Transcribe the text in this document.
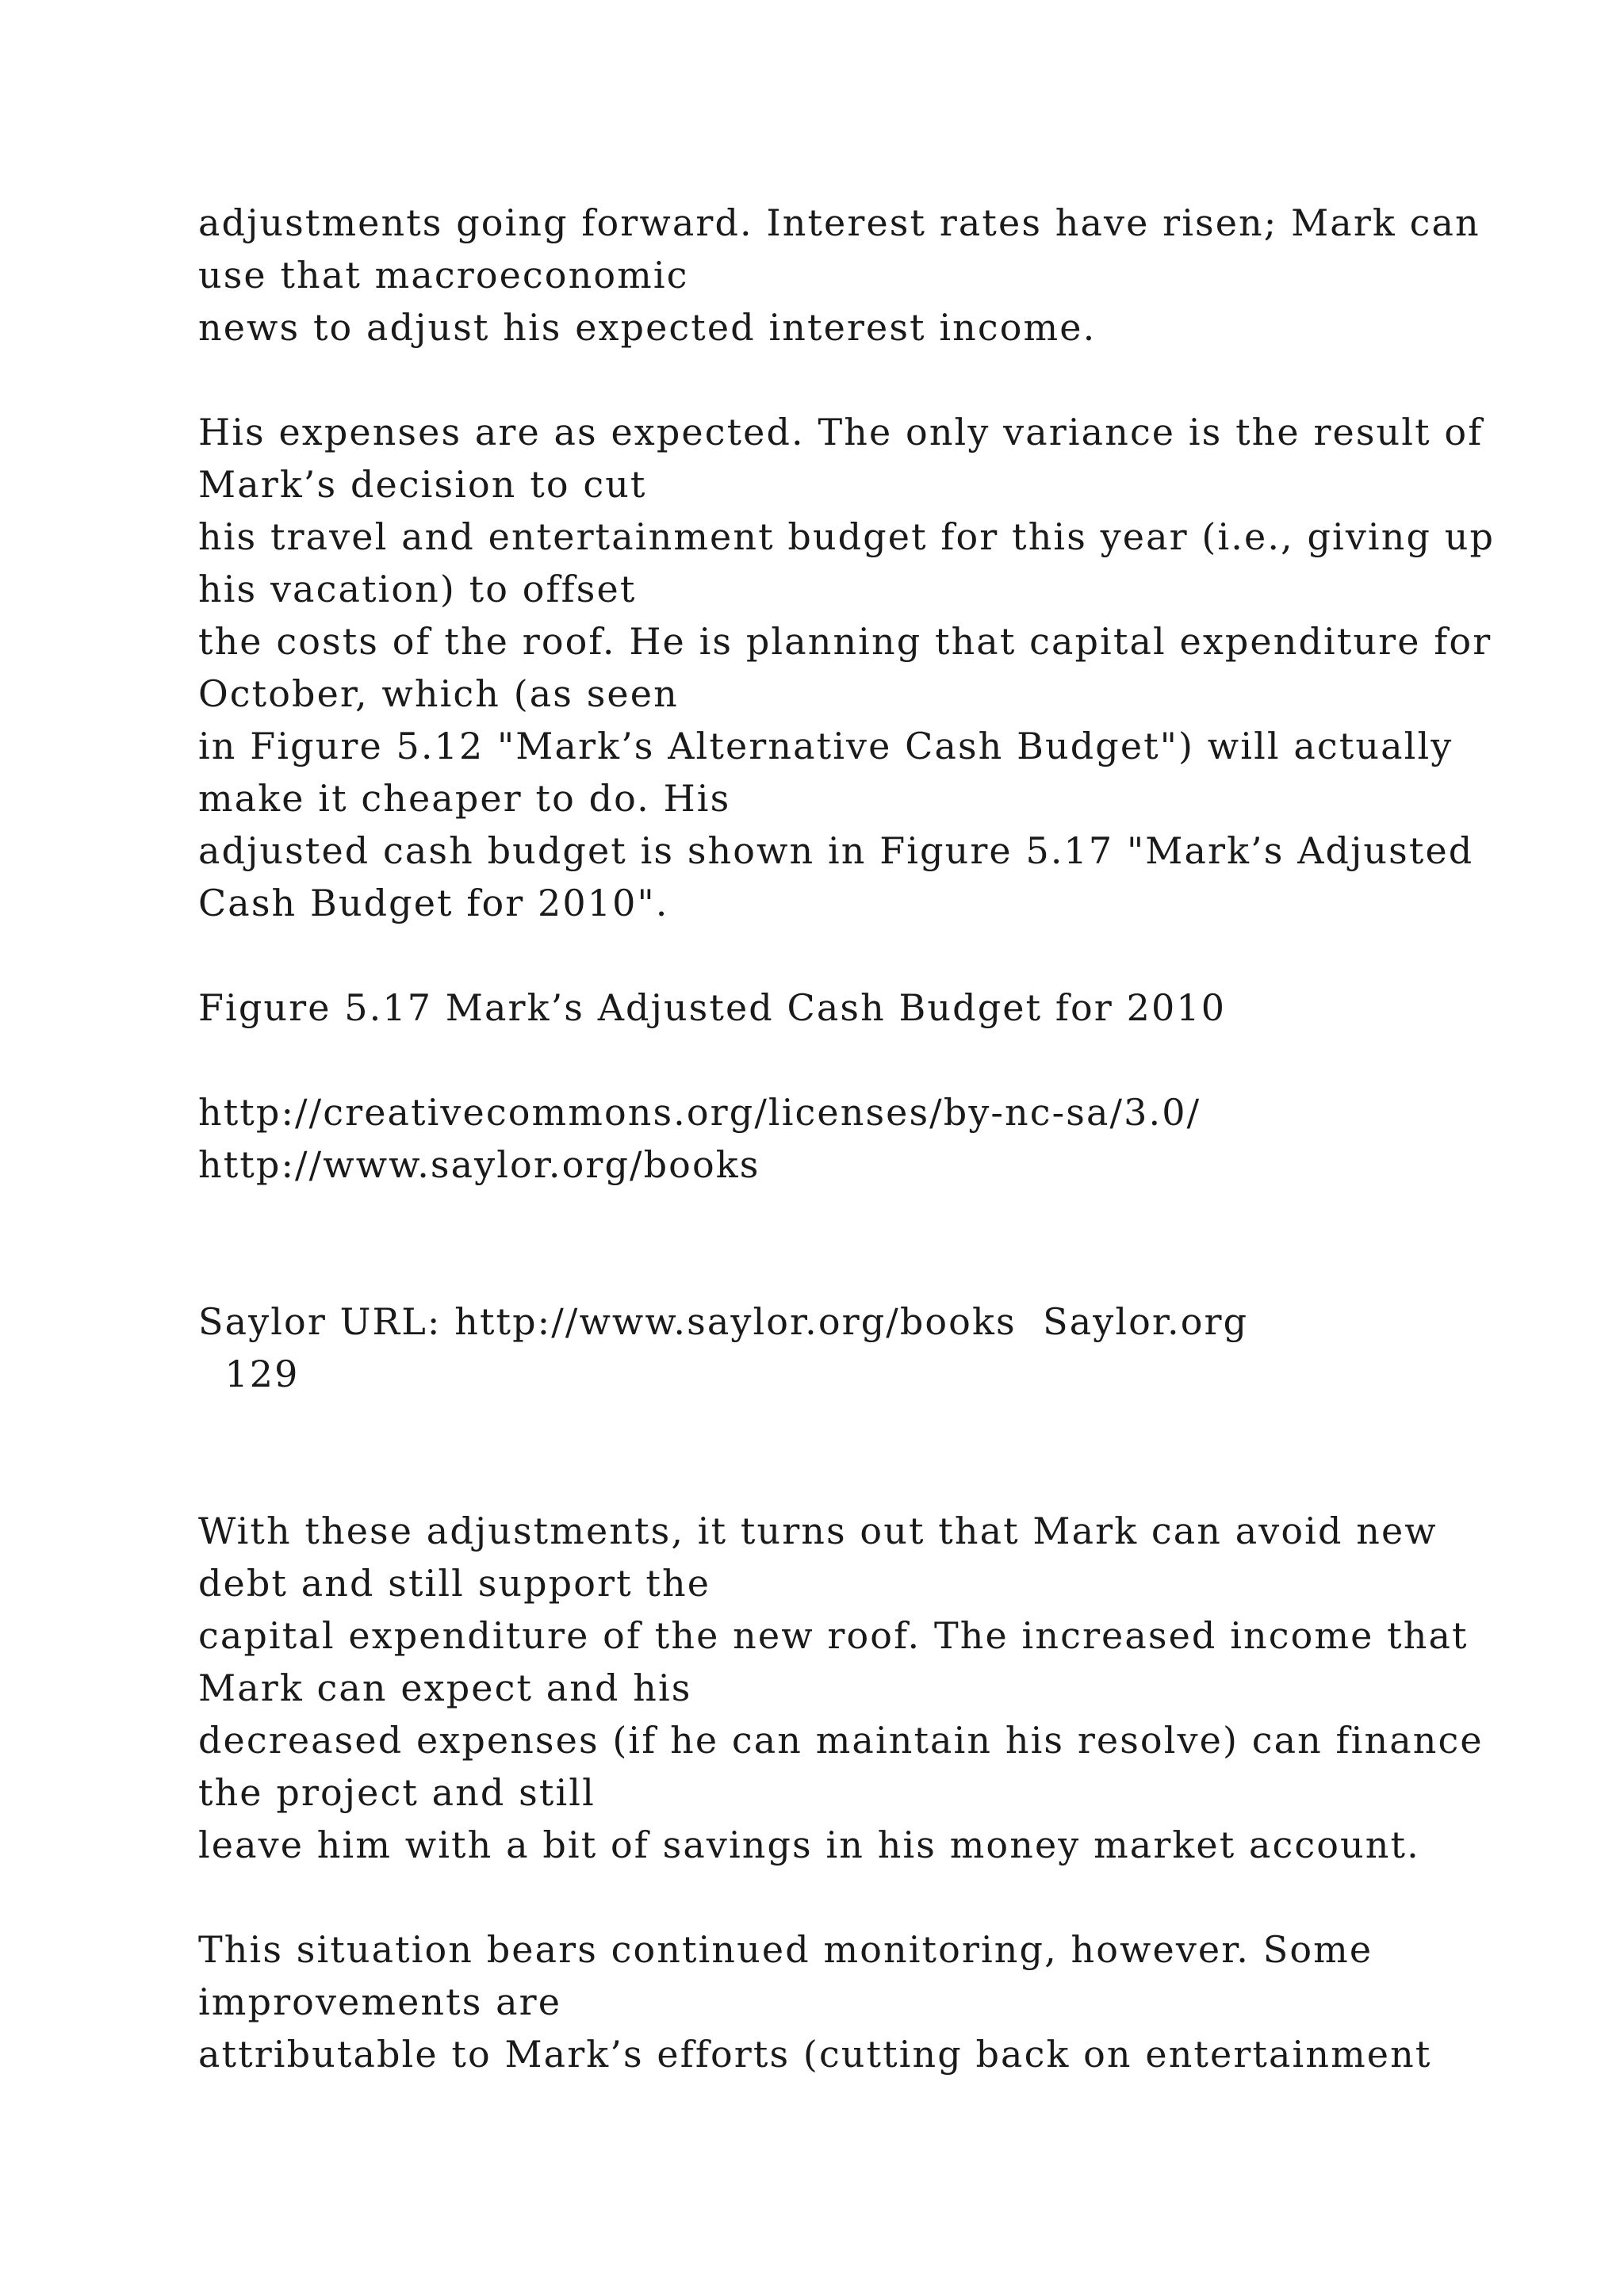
adjustments going forward. Interest rates have risen; Mark can

use that macroeconomic

news to adjust his expected interest income.

His expenses are as expected. The only variance is the result of

Mark’s decision to cut

his travel and entertainment budget for this year (i.e., giving up

his vacation) to offset

the costs of the roof. He is planning that capital expenditure for

October, which (as seen

in Figure 5.12 "Mark’s Alternative Cash Budget") will actually

make it cheaper to do. His

adjusted cash budget is shown in Figure 5.17 "Mark’s Adjusted

Cash Budget for 2010".

Figure 5.17 Mark’s Adjusted Cash Budget for 2010

http://creativecommons.org/licenses/by-nc-sa/3.0/

http://www.saylor.org/books

Saylor URL: http://www.saylor.org/books  Saylor.org

129

With these adjustments, it turns out that Mark can avoid new

debt and still support the

capital expenditure of the new roof. The increased income that

Mark can expect and his

decreased expenses (if he can maintain his resolve) can finance

the project and still

leave him with a bit of savings in his money market account.

This situation bears continued monitoring, however. Some

improvements are

attributable to Mark’s efforts (cutting back on entertainment
